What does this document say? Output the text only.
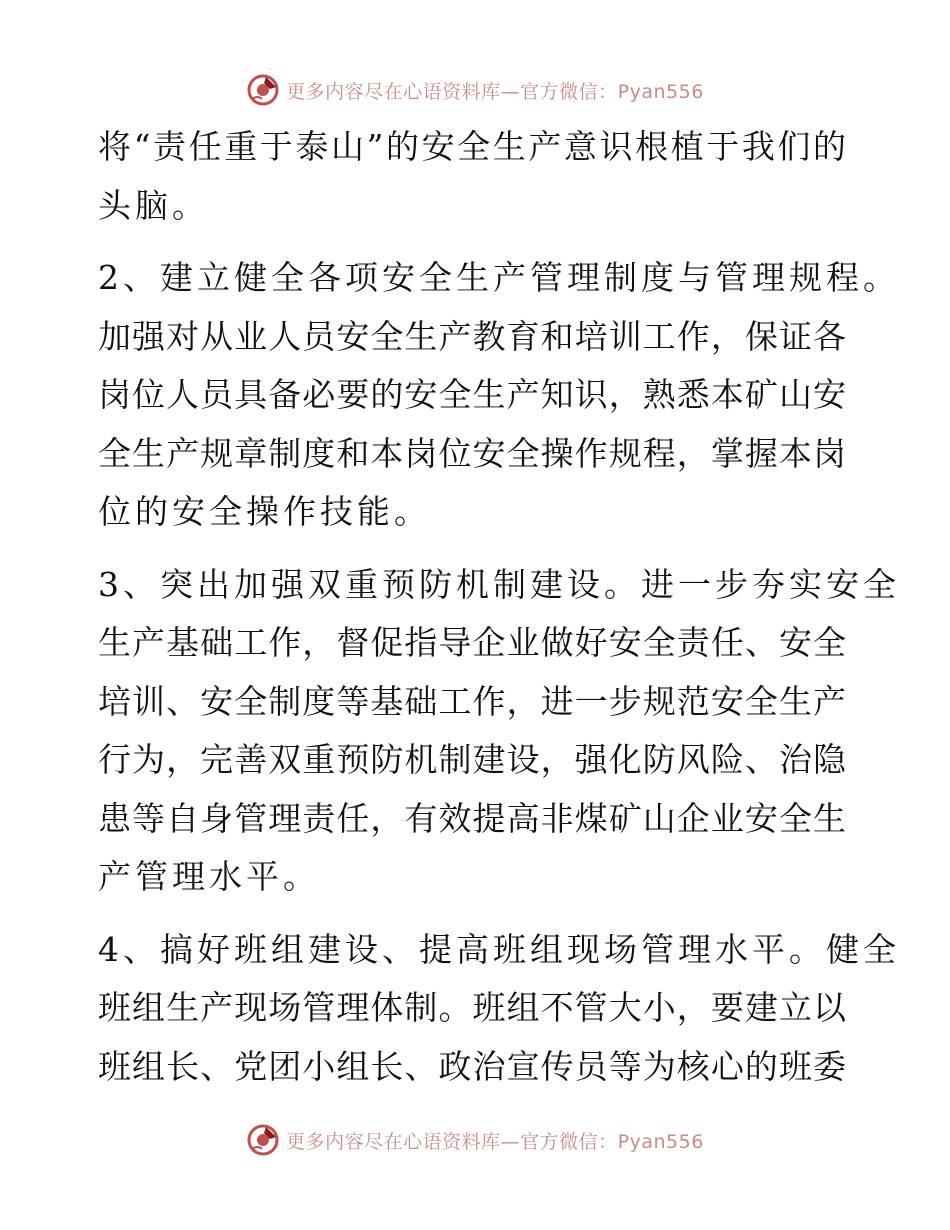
更多内容尽在心语资料库—官方微信：Pyan556
将“责任重于泰山”的安全生产意识根植于我们的
头脑。
2、建立健全各项安全生产管理制度与管理规程。
加强对从业人员安全生产教育和培训工作，保证各
岗位人员具备必要的安全生产知识，熟悉本矿山安
全生产规章制度和本岗位安全操作规程，掌握本岗
位的安全操作技能。
3、突出加强双重预防机制建设。进一步夯实安全
生产基础工作，督促指导企业做好安全责任、安全
培训、安全制度等基础工作，进一步规范安全生产
行为，完善双重预防机制建设，强化防风险、治隐
患等自身管理责任，有效提高非煤矿山企业安全生
产管理水平。
4、搞好班组建设、提高班组现场管理水平。健全
班组生产现场管理体制。班组不管大小，要建立以
班组长、党团小组长、政治宣传员等为核心的班委
更多内容尽在心语资料库—官方微信：Pyan556
